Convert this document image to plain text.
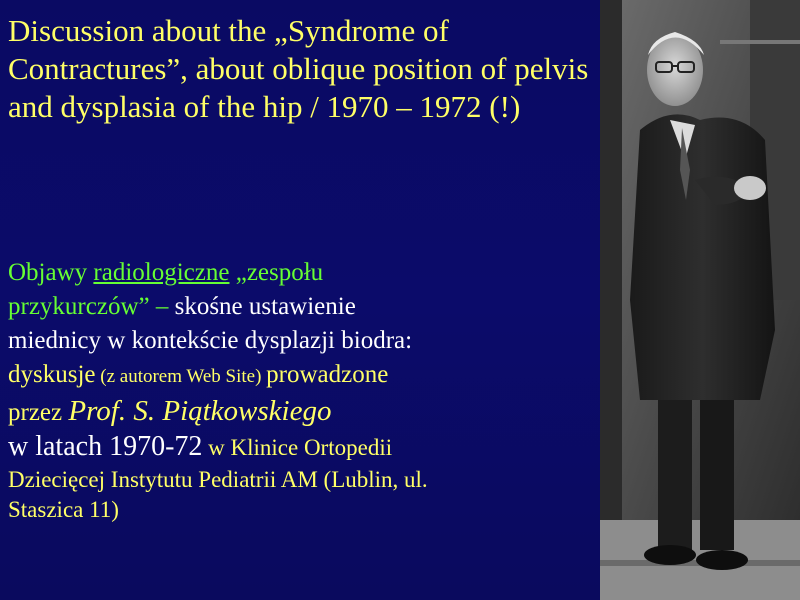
Discussion about the „Syndrome of Contractures”, about oblique position of pelvis and dysplasia of the hip / 1970 – 1972 (!)
Objawy radiologiczne „zespołu
przykurczów” – skośne ustawienie
miednicy w kontekście dysplazji biodra:
dyskusje (z autorem Web Site) prowadzone
przez Prof. S. Piątkowskiego
w latach 1970-72 w Klinice Ortopedii
Dziecięcej Instytutu Pediatrii AM (Lublin, ul.
Staszica 11)
